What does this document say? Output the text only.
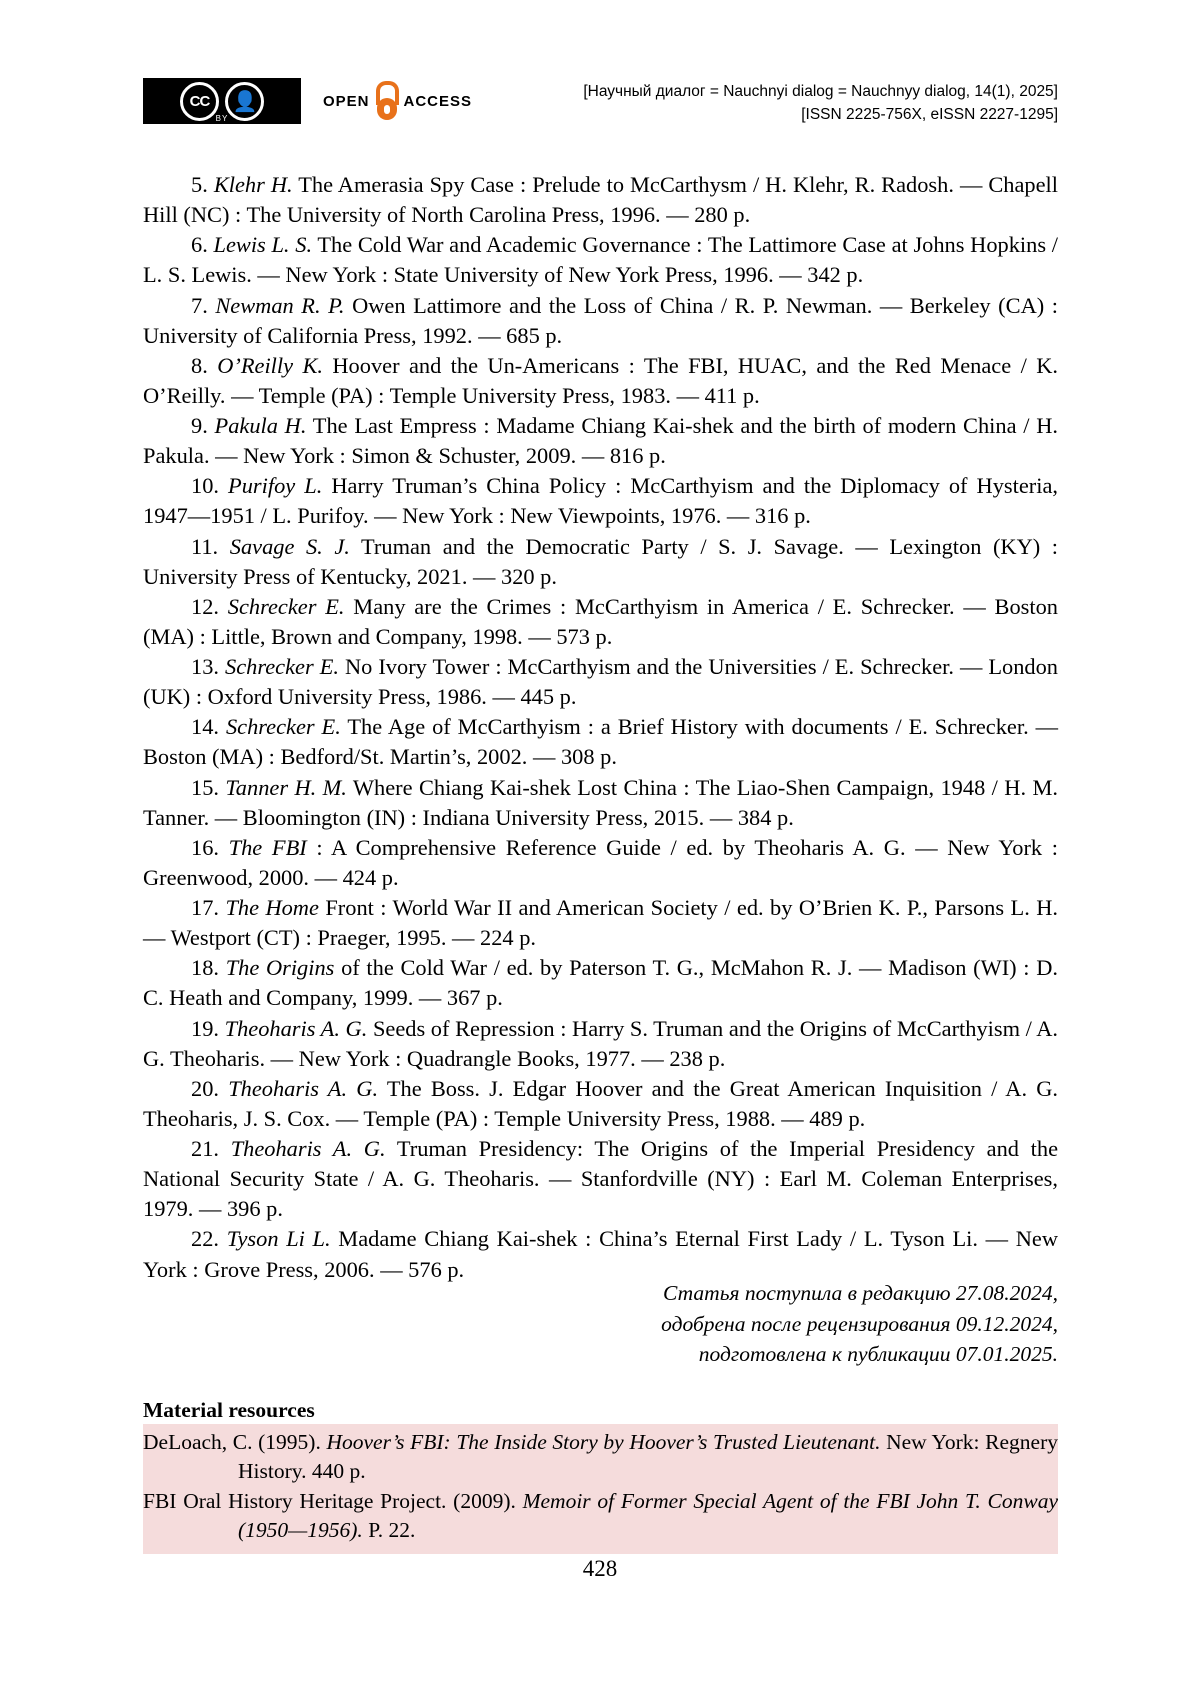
CC	👤
BY
OPEN ACCESS
[Научный диалог = Nauchnyi dialog = Nauchnyy dialog, 14(1), 2025]
[ISSN 2225-756X, eISSN 2227-1295]

5. Klehr H. The Amerasia Spy Case : Prelude to McCarthysm / H. Klehr, R. Radosh. — Chapell Hill (NC) : The University of North Carolina Press, 1996. — 280 p.

6. Lewis L. S. The Cold War and Academic Governance : The Lattimore Case at Johns Hopkins / L. S. Lewis. — New York : State University of New York Press, 1996. — 342 p.

7. Newman R. P. Owen Lattimore and the Loss of China / R. P. Newman. — Berkeley (CA) : University of California Press, 1992. — 685 p.

8. O’Reilly K. Hoover and the Un-Americans : The FBI, HUAC, and the Red Menace / K. O’Reilly. — Temple (PA) : Temple University Press, 1983. — 411 p.

9. Pakula H. The Last Empress : Madame Chiang Kai-shek and the birth of modern China / H. Pakula. — New York : Simon & Schuster, 2009. — 816 p.

10. Purifoy L. Harry Truman’s China Policy : McCarthyism and the Diplomacy of Hysteria, 1947—1951 / L. Purifoy. — New York : New Viewpoints, 1976. — 316 p.

11. Savage S. J. Truman and the Democratic Party / S. J. Savage. — Lexington (KY) : University Press of Kentucky, 2021. — 320 p.

12. Schrecker E. Many are the Crimes : McCarthyism in America / E. Schrecker. — Boston (MA) : Little, Brown and Company, 1998. — 573 p.

13. Schrecker E. No Ivory Tower : McCarthyism and the Universities / E. Schrecker. — London (UK) : Oxford University Press, 1986. — 445 p.

14. Schrecker E. The Age of McCarthyism : a Brief History with documents / E. Schrecker. — Boston (MA) : Bedford/St. Martin’s, 2002. — 308 p.

15. Tanner H. M. Where Chiang Kai-shek Lost China : The Liao-Shen Campaign, 1948 / H. M. Tanner. — Bloomington (IN) : Indiana University Press, 2015. — 384 p.

16. The FBI : A Comprehensive Reference Guide / ed. by Theoharis A. G. — New York : Greenwood, 2000. — 424 p.

17. The Home Front : World War II and American Society / ed. by O’Brien K. P., Parsons L. H. — Westport (CT) : Praeger, 1995. — 224 p.

18. The Origins of the Cold War / ed. by Paterson T. G., McMahon R. J. — Madison (WI) : D. C. Heath and Company, 1999. — 367 p.

19. Theoharis A. G. Seeds of Repression : Harry S. Truman and the Origins of McCarthyism / A. G. Theoharis. — New York : Quadrangle Books, 1977. — 238 p.

20. Theoharis A. G. The Boss. J. Edgar Hoover and the Great American Inquisition / A. G. Theoharis, J. S. Cox. — Temple (PA) : Temple University Press, 1988. — 489 p.

21. Theoharis A. G. Truman Presidency: The Origins of the Imperial Presidency and the National Security State / A. G. Theoharis. — Stanfordville (NY) : Earl M. Coleman Enterprises, 1979. — 396 p.

22. Tyson Li L. Madame Chiang Kai-shek : China’s Eternal First Lady / L. Tyson Li. — New York : Grove Press, 2006. — 576 p.

Статья поступила в редакцию 27.08.2024,
одобрена после рецензирования 09.12.2024,
подготовлена к публикации 07.01.2025.
Material resources

DeLoach, C. (1995). Hoover’s FBI: The Inside Story by Hoover’s Trusted Lieutenant. New York: Regnery History. 440 p.

FBI Oral History Heritage Project. (2009). Memoir of Former Special Agent of the FBI John T. Conway (1950—1956). P. 22.

428
